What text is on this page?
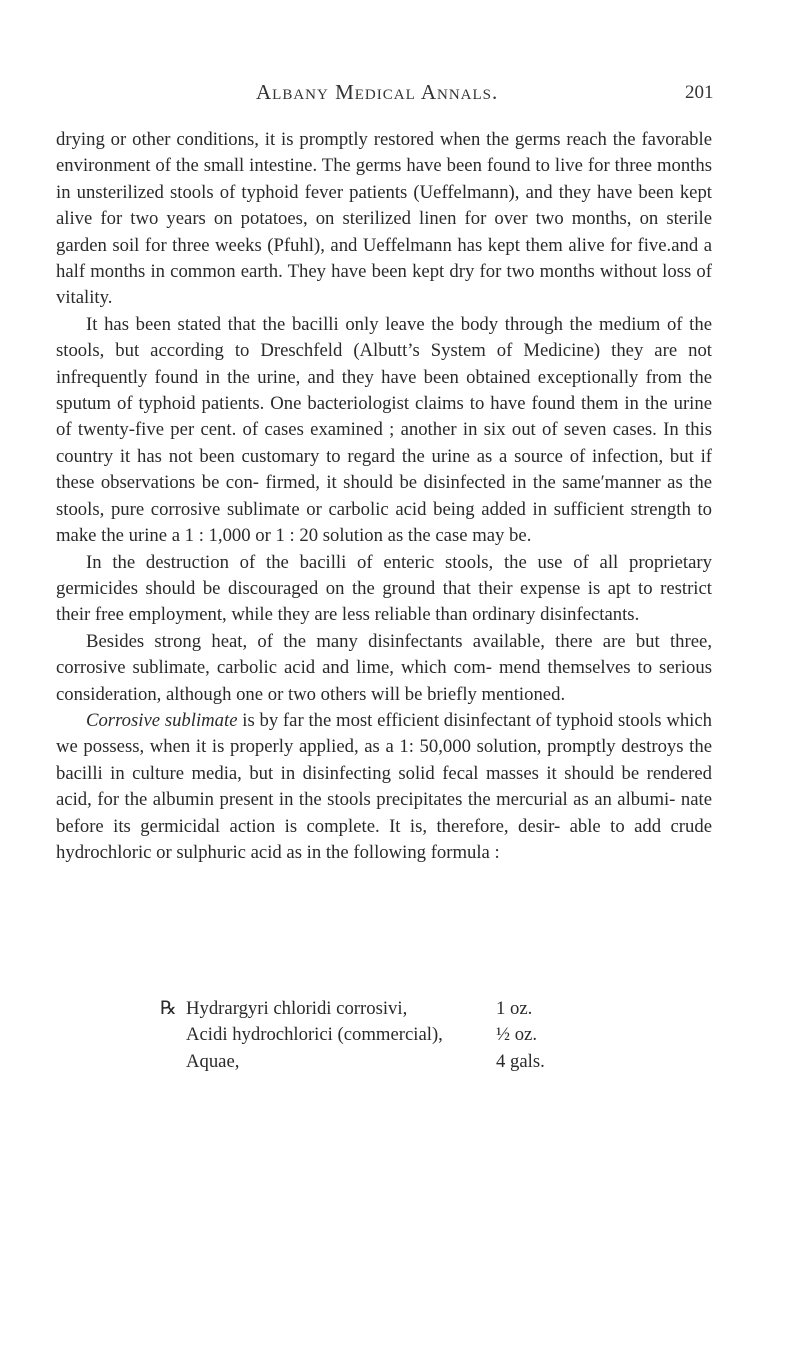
Albany Medical Annals.	201

drying or other conditions, it is promptly restored when the germs reach the favorable environment of the small intestine. The germs have been found to live for three months in unsterilized stools of typhoid fever patients (Ueffelmann), and they have been kept alive for two years on potatoes, on sterilized linen for over two months, on sterile garden soil for three weeks (Pfuhl), and Ueffelmann has kept them alive for five.and a half months in common earth. They have been kept dry for two months without loss of vitality.

It has been stated that the bacilli only leave the body through the medium of the stools, but according to Dreschfeld (Albutt’s System of Medicine) they are not infrequently found in the urine, and they have been obtained exceptionally from the sputum of typhoid patients. One bacteriologist claims to have found them in the urine of twenty-five per cent. of cases examined ; another in six out of seven cases. In this country it has not been customary to regard the urine as a source of infection, but if these observations be con- firmed, it should be disinfected in the same′manner as the stools, pure corrosive sublimate or carbolic acid being added in sufficient strength to make the urine a 1 : 1,000 or 1 : 20 solution as the case may be.

In the destruction of the bacilli of enteric stools, the use of all proprietary germicides should be discouraged on the ground that their expense is apt to restrict their free employment, while they are less reliable than ordinary disinfectants.

Besides strong heat, of the many disinfectants available, there are but three, corrosive sublimate, carbolic acid and lime, which com- mend themselves to serious consideration, although one or two others will be briefly mentioned.

Corrosive sublimate is by far the most efficient disinfectant of typhoid stools which we possess, when it is properly applied, as a 1: 50,000 solution, promptly destroys the bacilli in culture media, but in disinfecting solid fecal masses it should be rendered acid, for the albumin present in the stools precipitates the mercurial as an albumi- nate before its germicidal action is complete. It is, therefore, desir- able to add crude hydrochloric or sulphuric acid as in the following formula :

℞ Hydrargyri chloridi corrosivi,	1 oz.
Acidi hydrochlorici (commercial),	½ oz.
Aquae,	4 gals.
